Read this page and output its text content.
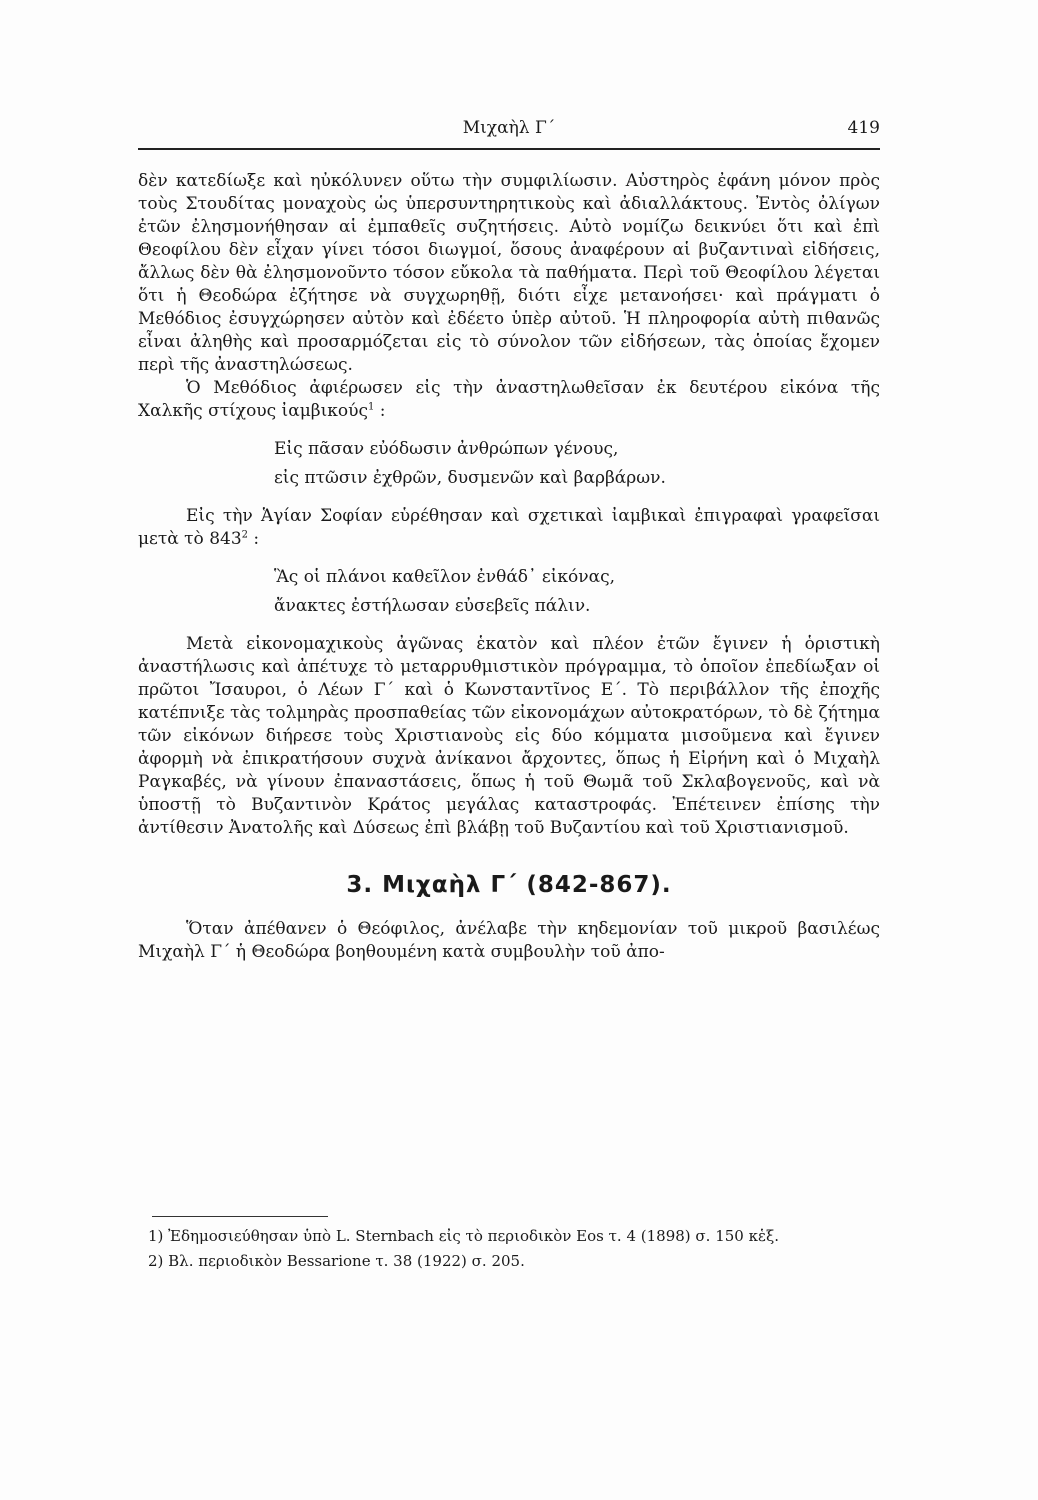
Μιχαὴλ Γ΄	419

δὲν κατεδίωξε καὶ ηὐκόλυνεν οὕτω τὴν συμφιλίωσιν. Αὐστηρὸς ἐφάνη μόνον πρὸς τοὺς Στουδίτας μοναχοὺς ὡς ὑπερσυντηρητικοὺς καὶ ἀδιαλλάκτους. Ἐντὸς ὀλίγων ἐτῶν ἐλησμονήθησαν αἱ ἐμπαθεῖς συζητήσεις. Αὐτὸ νομίζω δεικνύει ὅτι καὶ ἐπὶ Θεοφίλου δὲν εἶχαν γίνει τόσοι διωγμοί, ὅσους ἀναφέρουν αἱ βυζαντιναὶ εἰδήσεις, ἄλλως δὲν θὰ ἐλησμονοῦντο τόσον εὔκολα τὰ παθήματα. Περὶ τοῦ Θεοφίλου λέγεται ὅτι ἡ Θεοδώρα ἐζήτησε νὰ συγχωρηθῇ, διότι εἶχε μετανοήσει· καὶ πράγματι ὁ Μεθόδιος ἐσυγχώρησεν αὐτὸν καὶ ἐδέετο ὑπὲρ αὐτοῦ. Ἡ πληροφορία αὐτὴ πιθανῶς εἶναι ἀληθὴς καὶ προσαρμόζεται εἰς τὸ σύνολον τῶν εἰδήσεων, τὰς ὁποίας ἔχομεν περὶ τῆς ἀναστηλώσεως.

Ὁ Μεθόδιος ἀφιέρωσεν εἰς τὴν ἀναστηλωθεῖσαν ἐκ δευτέρου εἰκόνα τῆς Χαλκῆς στίχους ἰαμβικούς$^1$ :

Εἰς πᾶσαν εὐόδωσιν ἀνθρώπων γένους,
εἰς πτῶσιν ἐχθρῶν, δυσμενῶν καὶ βαρβάρων.

Εἰς τὴν Ἁγίαν Σοφίαν εὑρέθησαν καὶ σχετικαὶ ἰαμβικαὶ ἐπιγραφαὶ γραφεῖσαι μετὰ τὸ $843^2$ :

Ἃς οἱ πλάνοι καθεῖλον ἐνθάδ᾽ εἰκόνας,
ἄνακτες ἐστήλωσαν εὐσεβεῖς πάλιν.

Μετὰ εἰκονομαχικοὺς ἀγῶνας ἑκατὸν καὶ πλέον ἐτῶν ἔγινεν ἡ ὁριστικὴ ἀναστήλωσις καὶ ἀπέτυχε τὸ μεταρρυθμιστικὸν πρόγραμμα, τὸ ὁποῖον ἐπεδίωξαν οἱ πρῶτοι Ἴσαυροι, ὁ Λέων Γ΄ καὶ ὁ Κωνσταντῖνος Ε΄. Τὸ περιβάλλον τῆς ἐποχῆς κατέπνιξε τὰς τολμηρὰς προσπαθείας τῶν εἰκονομάχων αὐτοκρατόρων, τὸ δὲ ζήτημα τῶν εἰκόνων διήρεσε τοὺς Χριστιανοὺς εἰς δύο κόμματα μισοῦμενα καὶ ἔγινεν ἀφορμὴ νὰ ἐπικρατήσουν συχνὰ ἀνίκανοι ἄρχοντες, ὅπως ἡ Εἰρήνη καὶ ὁ Μιχαὴλ Ραγκαβές, νὰ γίνουν ἐπαναστάσεις, ὅπως ἡ τοῦ Θωμᾶ τοῦ Σκλαβογενοῦς, καὶ νὰ ὑποστῇ τὸ Βυζαντινὸν Κράτος μεγάλας καταστροφάς. Ἐπέτεινεν ἐπίσης τὴν ἀντίθεσιν Ἀνατολῆς καὶ Δύσεως ἐπὶ βλάβῃ τοῦ Βυζαντίου καὶ τοῦ Χριστιανισμοῦ.

3. Μιχαὴλ Γ΄ (842-867).

Ὅταν ἀπέθανεν ὁ Θεόφιλος, ἀνέλαβε τὴν κηδεμονίαν τοῦ μικροῦ βασιλέως Μιχαὴλ Γ΄ ἡ Θεοδώρα βοηθουμένη κατὰ συμβουλὴν τοῦ ἀπο-

1) Ἐδημοσιεύθησαν ὑπὸ L. Sternbach εἰς τὸ περιοδικὸν Eos τ. 4 (1898) σ. 150 κἑξ.

2) Βλ. περιοδικὸν Bessarione τ. 38 (1922) σ. 205.
